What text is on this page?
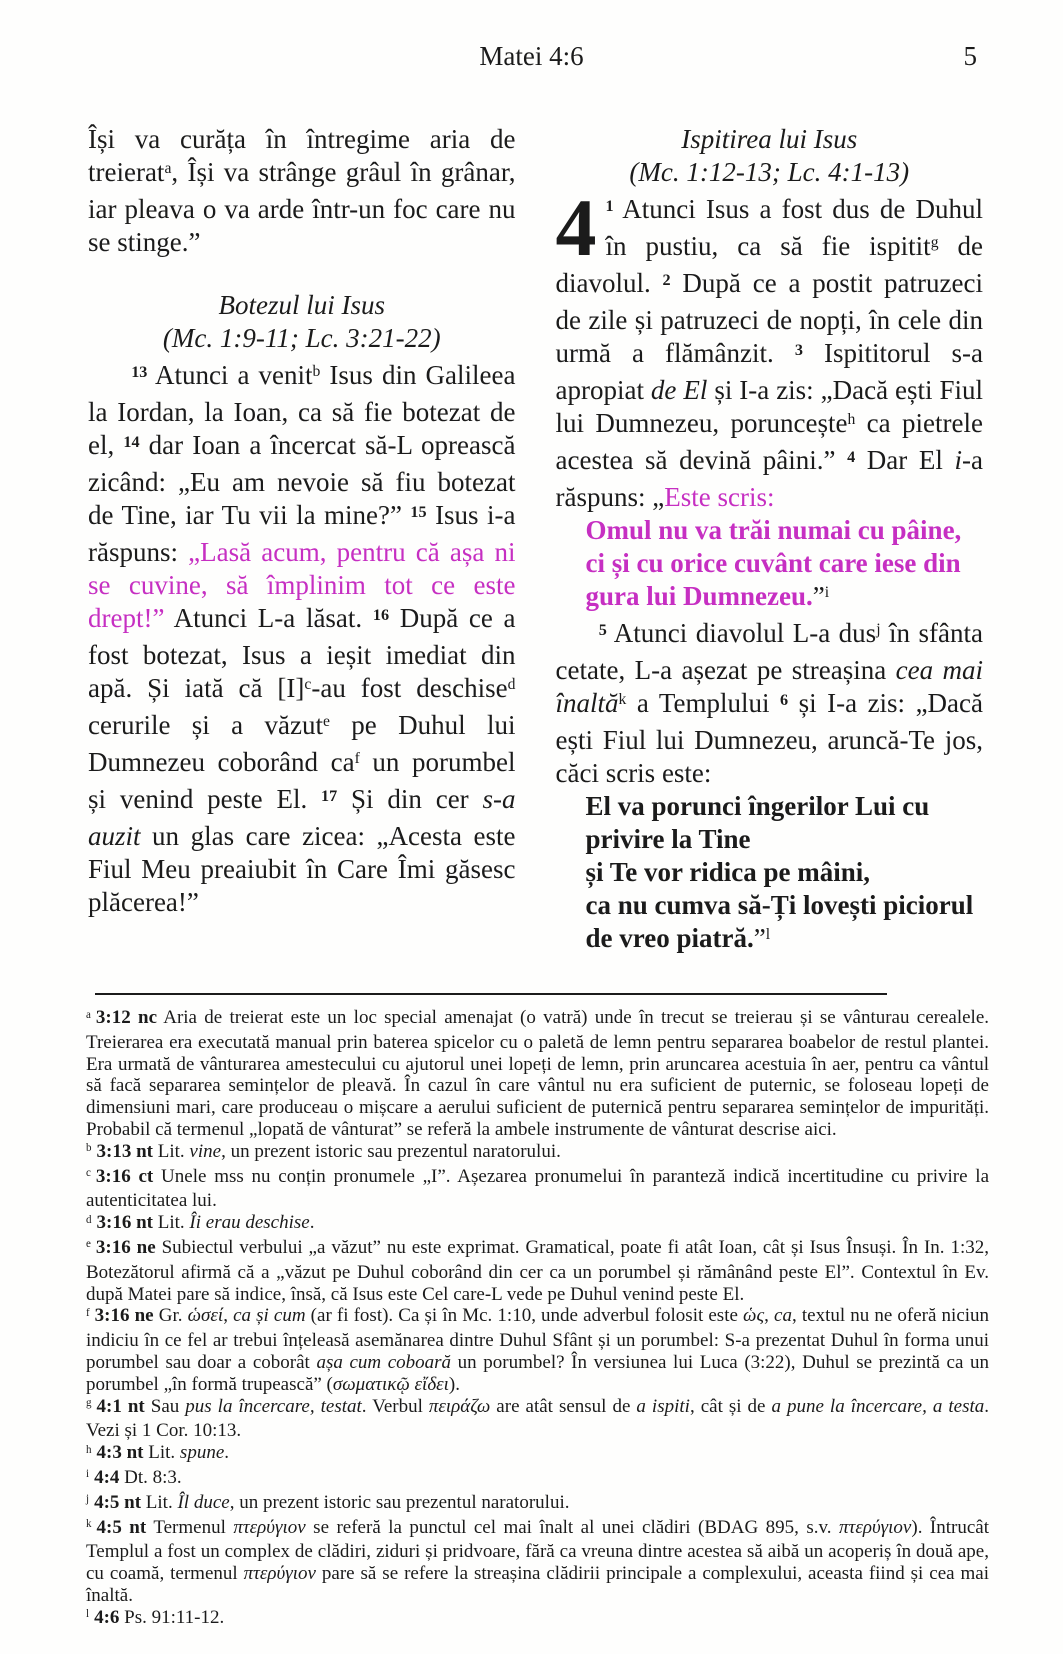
Matei 4:6	5

Își va curăța în întregime aria de treierat$^a$, Își va strânge grâul în grânar, iar pleava o va arde într-un foc care nu se stinge.”

Botezul lui Isus
(Mc. 1:9-11; Lc. 3:21-22)

$^{13}$ Atunci a venit$^b$ Isus din Galileea la Iordan, la Ioan, ca să fie botezat de el, $^{14}$ dar Ioan a încercat să-L oprească zicând: „Eu am nevoie să fiu botezat de Tine, iar Tu vii la mine?” $^{15}$ Isus i-a răspuns: „Lasă acum, pentru că așa ni se cuvine, să împlinim tot ce este drept!” Atunci L-a lăsat. $^{16}$ După ce a fost botezat, Isus a ieșit imediat din apă. Și iată că $[I]^c-au$ fost deschise$^d$ cerurile și a văzut$^e$ pe Duhul lui Dumnezeu coborând $ca^f$ un porumbel și venind peste El. $^{17}$ Și din cer s-a auzit un glas care zicea: „Acesta este Fiul Meu preaiubit în Care Îmi găsesc plăcerea!”

Ispitirea lui Isus
(Mc. 1:12-13; Lc. 4:1-13)

4 $^1$ Atunci Isus a fost dus de Duhul în pustiu, ca să fie ispitit$^g$ de diavolul. $^2$ După ce a postit patruzeci de zile și patruzeci de nopți, în cele din urmă a flămânzit. $^3$ Ispititorul s-a apropiat de El și I-a zis: „Dacă ești Fiul lui Dumnezeu, poruncește$^h$ ca pietrele acestea să devină pâini.” $^4$ Dar El i-a răspuns: „Este scris:

Omul nu va trăi numai cu pâine,
ci și cu orice cuvânt care iese din gura lui Dumnezeu.”$^i$

$^5$ Atunci diavolul L-a dus$^j$ în sfânta cetate, L-a așezat pe streașina cea mai înaltă$^k$ a Templului $^6$ și I-a zis: „Dacă ești Fiul lui Dumnezeu, aruncă-Te jos, căci scris este:

El va porunci îngerilor Lui cu privire la Tine
și Te vor ridica pe mâini,
ca nu cumva să-Ți lovești piciorul de vreo piatră.”$^l$

$^a$ 3:12 nc Aria de treierat este un loc special amenajat (o vatră) unde în trecut se treierau și se vânturau cerealele. Treierarea era executată manual prin baterea spicelor cu o paletă de lemn pentru separarea boabelor de restul plantei. Era urmată de vânturarea amestecului cu ajutorul unei lopeți de lemn, prin aruncarea acestuia în aer, pentru ca vântul să facă separarea semințelor de pleavă. În cazul în care vântul nu era suficient de puternic, se foloseau lopeți de dimensiuni mari, care produceau o mișcare a aerului suficient de puternică pentru separarea semințelor de impurități. Probabil că termenul „lopată de vânturat” se referă la ambele instrumente de vânturat descrise aici.

$^b$ 3:13 nt Lit. vine, un prezent istoric sau prezentul naratorului.

$^c$ 3:16 ct Unele mss nu conțin pronumele „I”. Așezarea pronumelui în paranteză indică incertitudine cu privire la autenticitatea lui.

$^d$ 3:16 nt Lit. Îi erau deschise.

$^e$ 3:16 ne Subiectul verbului „a văzut” nu este exprimat. Gramatical, poate fi atât Ioan, cât și Isus Însuși. În In. 1:32, Botezătorul afirmă că a „văzut pe Duhul coborând din cer ca un porumbel și rămânând peste El”. Contextul în Ev. după Matei pare să indice, însă, că Isus este Cel care-L vede pe Duhul venind peste El.

$^f$ 3:16 ne Gr. ὡσεί, ca și cum (ar fi fost). Ca și în Mc. 1:10, unde adverbul folosit este ὡς, ca, textul nu ne oferă niciun indiciu în ce fel ar trebui înțeleasă asemănarea dintre Duhul Sfânt și un porumbel: S-a prezentat Duhul în forma unui porumbel sau doar a coborât așa cum coboară un porumbel? În versiunea lui Luca (3:22), Duhul se prezintă ca un porumbel „în formă trupească” (σωματικῷ εἴδει).

$^g$ 4:1 nt Sau pus la încercare, testat. Verbul πειράζω are atât sensul de a ispiti, cât și de a pune la încercare, a testa. Vezi și 1 Cor. 10:13.

$^h$ 4:3 nt Lit. spune.

$^i$ 4:4 Dt. 8:3.

$^j$ 4:5 nt Lit. Îl duce, un prezent istoric sau prezentul naratorului.

$^k$ 4:5 nt Termenul πτερύγιον se referă la punctul cel mai înalt al unei clădiri (BDAG 895, s.v. πτερύγιον). Întrucât Templul a fost un complex de clădiri, ziduri și pridvoare, fără ca vreuna dintre acestea să aibă un acoperiș în două ape, cu coamă, termenul πτερύγιον pare să se refere la streașina clădirii principale a complexului, aceasta fiind și cea mai înaltă.

$^l$ 4:6 Ps. 91:11-12.
